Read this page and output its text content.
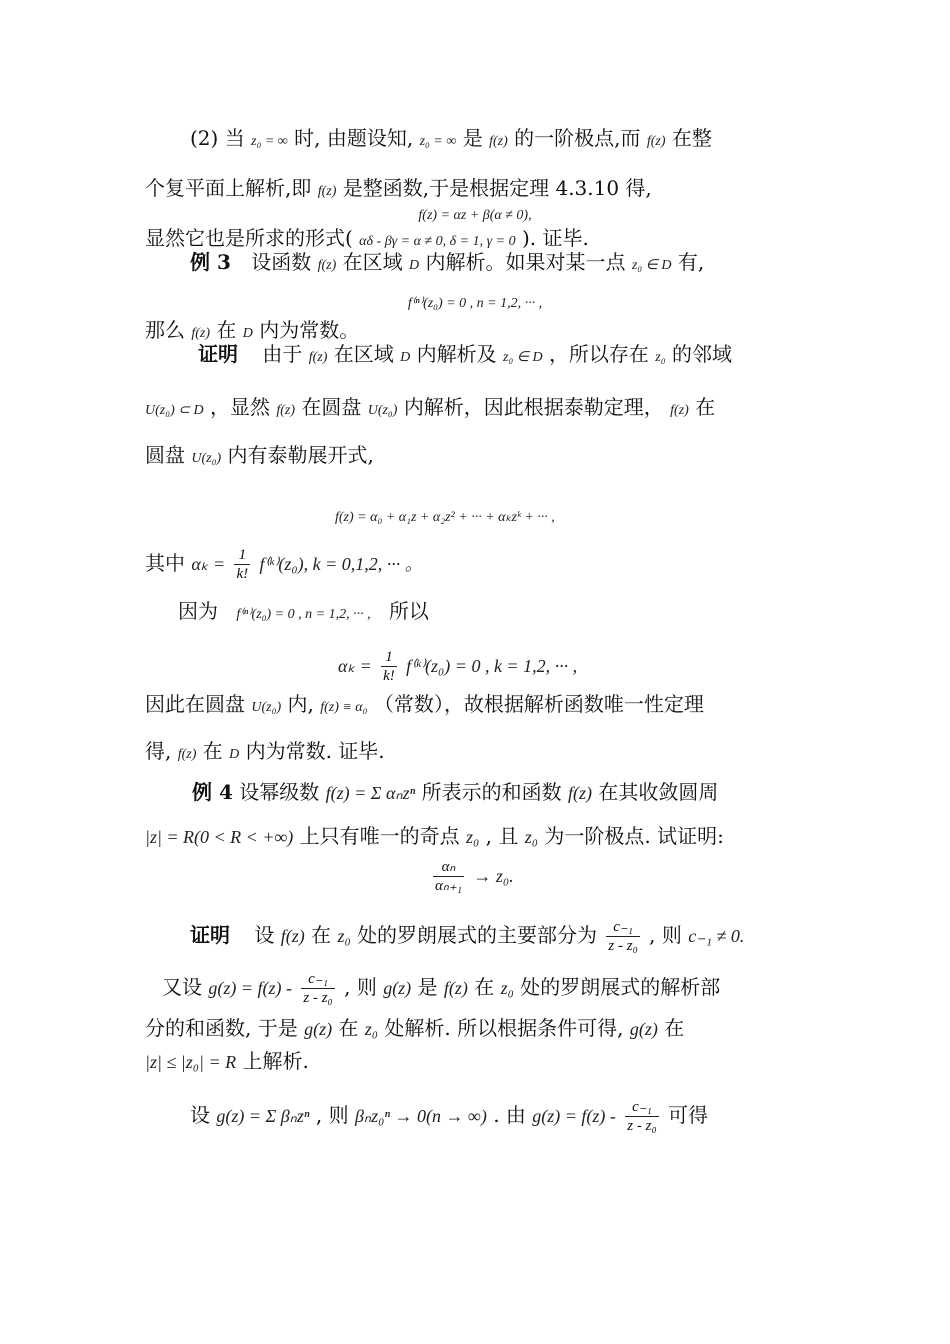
(2) 当 z₀ = ∞ 时, 由题设知, z₀ = ∞ 是 f(z) 的一阶极点,而 f(z) 在整
个复平面上解析,即 f(z) 是整函数,于是根据定理 4.3.10 得,
f(z) = αz + β(α ≠ 0),
显然它也是所求的形式( αδ - βγ = α ≠ 0, δ = 1, γ = 0 ). 证毕.
例 3 设函数 f(z) 在区域 D 内解析。如果对某一点 z₀ ∈ D 有,
f⁽ⁿ⁾(z₀) = 0 , n = 1,2, ··· ,
那么 f(z) 在 D 内为常数。
证明 由于 f(z) 在区域 D 内解析及 z₀ ∈ D ，所以存在 z₀ 的邻域
U(z₀) ⊂ D ，显然 f(z) 在圆盘 U(z₀) 内解析，因此根据泰勒定理， f(z) 在
圆盘 U(z₀) 内有泰勒展开式,
f(z) = α₀ + α₁z + α₂z² + ··· + αₖzᵏ + ··· ,
其中 $\alpha_k = \frac{1}{k!}$ f⁽ᵏ⁾(z₀), k = 0,1,2, ··· 。
因为 f⁽ⁿ⁾(z₀) = 0 , n = 1,2, ··· , 所以
$\alpha_k = \frac{1}{k!}$ f⁽ᵏ⁾(z₀) = 0 , k = 1,2, ··· ,
因此在圆盘 U(z₀) 内, f(z) ≡ α₀ （常数），故根据解析函数唯一性定理
得, f(z) 在 D 内为常数. 证毕.
例 4 设幂级数 f(z) = Σ αₙzⁿ 所表示的和函数 f(z) 在其收敛圆周
|z| = R(0 < R < +∞) 上只有唯一的奇点 z₀ , 且 z₀ 为一阶极点. 试证明:
$\frac{\text{αₙ}}{\text{αₙ₊₁}} \to z_0$.
证明 设 f(z) 在 z₀ 处的罗朗展式的主要部分为 $\frac{\text{c₋₁}}{\text{z - z₀}}$ , 则 c₋₁ ≠ 0.
又设 $g(z) = f(z) - \frac{\text{c₋₁}}{\text{z - z₀}}$ , 则 g(z) 是 f(z) 在 z₀ 处的罗朗展式的解析部
分的和函数, 于是 g(z) 在 z₀ 处解析. 所以根据条件可得, g(z) 在
|z| ≤ |z₀| = R 上解析.
设 g(z) = Σ βₙzⁿ , 则 βₙz₀ⁿ → 0(n → ∞) . 由 $g(z) = f(z) - \frac{\text{c₋₁}}{\text{z - z₀}}$ 可得
